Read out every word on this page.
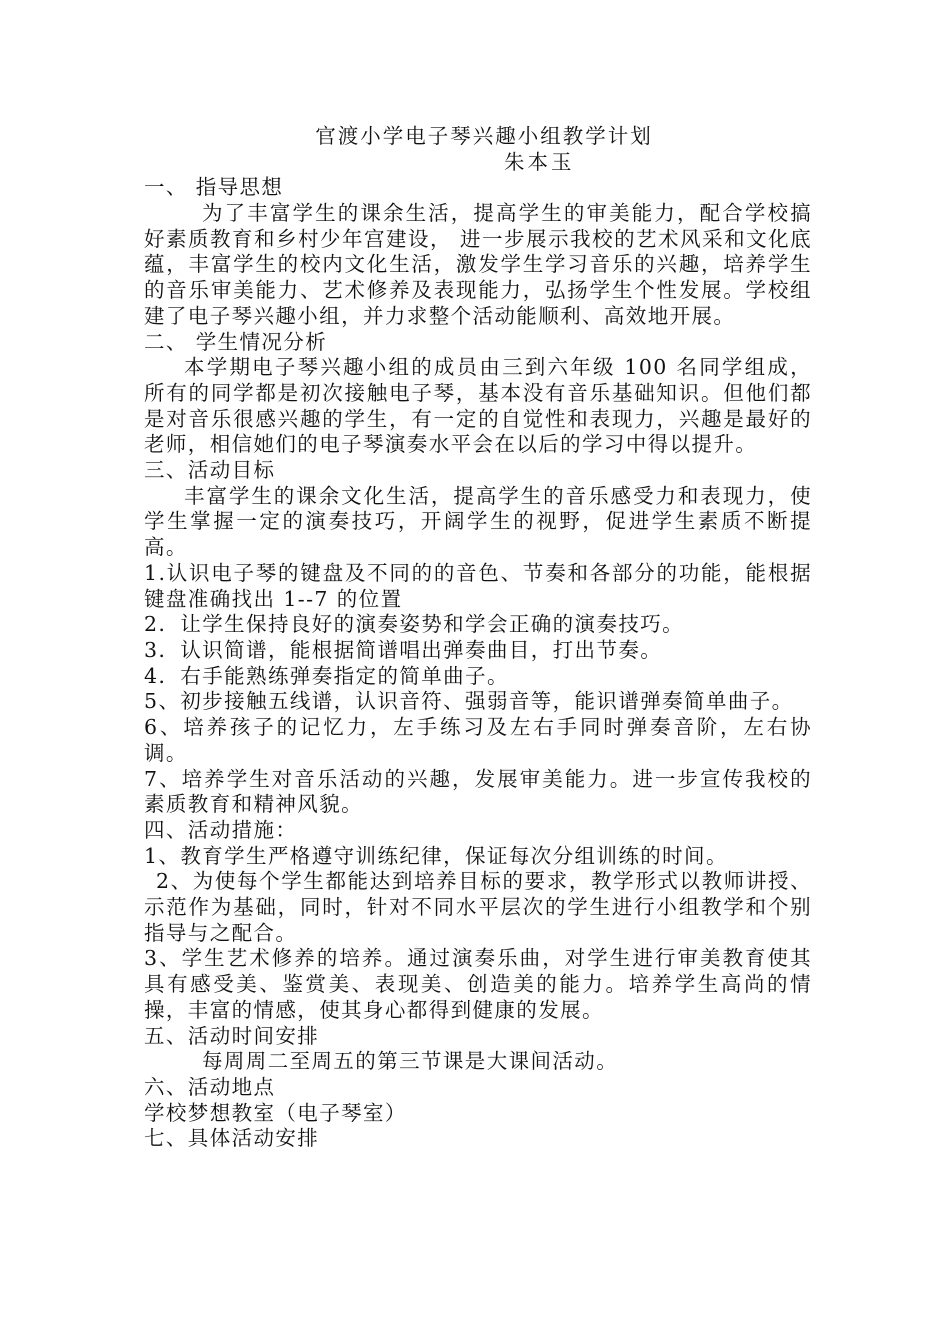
官渡小学电子琴兴趣小组教学计划
朱本玉
一、 指导思想
为了丰富学生的课余生活，提高学生的审美能力，配合学校搞好素质教育和乡村少年宫建设， 进一步展示我校的艺术风采和文化底蕴，丰富学生的校内文化生活，激发学生学习音乐的兴趣，培养学生的音乐审美能力、艺术修养及表现能力，弘扬学生个性发展。学校组建了电子琴兴趣小组，并力求整个活动能顺利、高效地开展。
二、 学生情况分析
本学期电子琴兴趣小组的成员由三到六年级 100 名同学组成，所有的同学都是初次接触电子琴，基本没有音乐基础知识。但他们都是对音乐很感兴趣的学生，有一定的自觉性和表现力，兴趣是最好的老师，相信她们的电子琴演奏水平会在以后的学习中得以提升。
三、活动目标
丰富学生的课余文化生活，提高学生的音乐感受力和表现力，使学生掌握一定的演奏技巧，开阔学生的视野，促进学生素质不断提高。
1.认识电子琴的键盘及不同的的音色、节奏和各部分的功能，能根据键盘准确找出 1--7 的位置
2．让学生保持良好的演奏姿势和学会正确的演奏技巧。
3．认识简谱，能根据简谱唱出弹奏曲目，打出节奏。
4．右手能熟练弹奏指定的简单曲子。
5、初步接触五线谱，认识音符、强弱音等，能识谱弹奏简单曲子。
6、培养孩子的记忆力，左手练习及左右手同时弹奏音阶，左右协调。
7、培养学生对音乐活动的兴趣，发展审美能力。进一步宣传我校的素质教育和精神风貌。
四、活动措施：
1、教育学生严格遵守训练纪律，保证每次分组训练的时间。
2、为使每个学生都能达到培养目标的要求，教学形式以教师讲授、示范作为基础，同时，针对不同水平层次的学生进行小组教学和个别指导与之配合。
3、学生艺术修养的培养。通过演奏乐曲，对学生进行审美教育使其具有感受美、鉴赏美、表现美、创造美的能力。培养学生高尚的情操，丰富的情感，使其身心都得到健康的发展。
五、活动时间安排
每周周二至周五的第三节课是大课间活动。
六、活动地点
学校梦想教室（电子琴室）
七、具体活动安排
